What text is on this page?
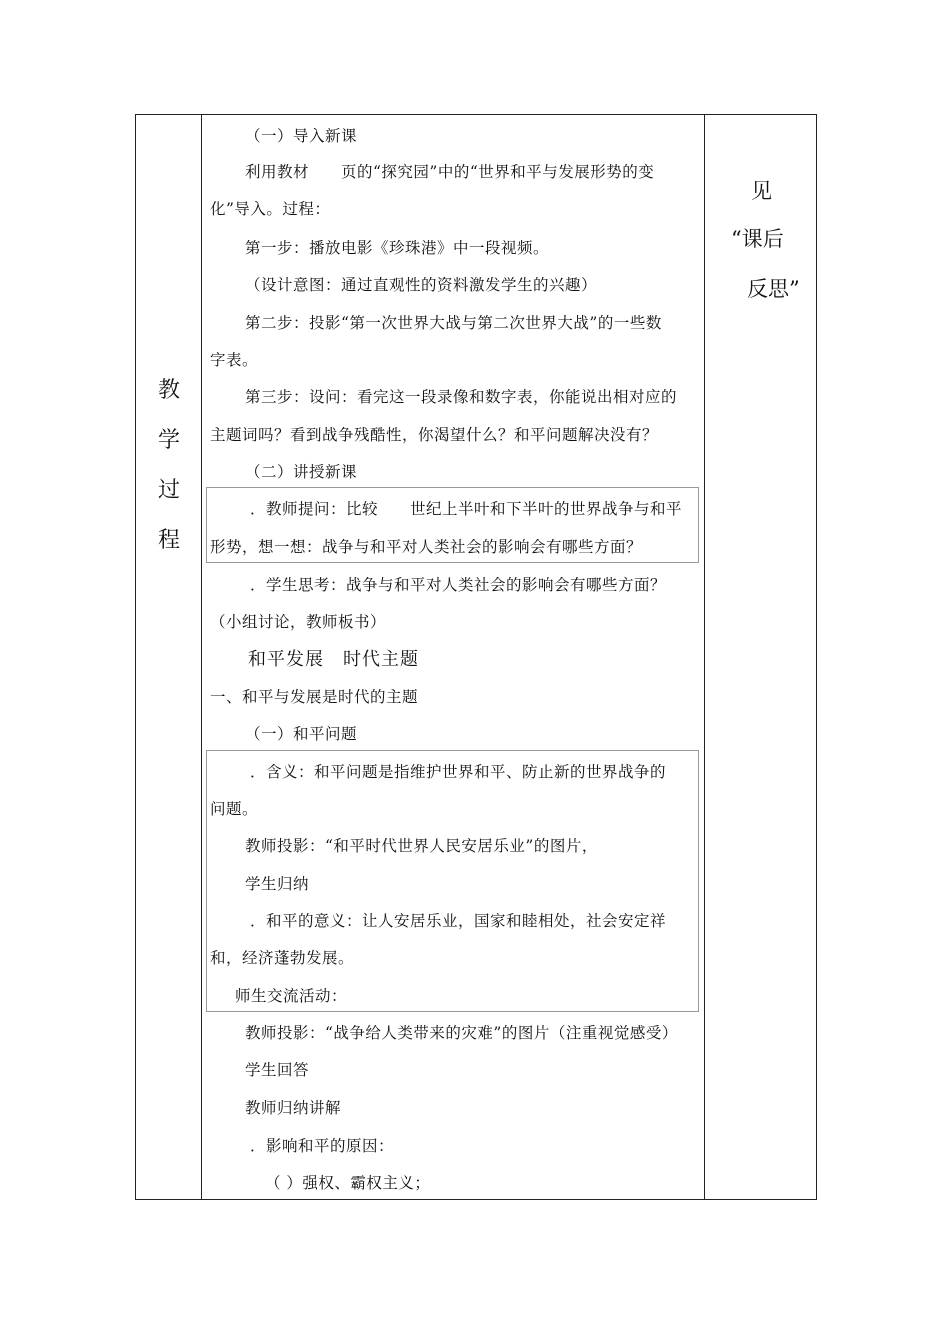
教
学
过
程
见
“课后
反思”
（一）导入新课
利用教材　　页的“探究园”中的“世界和平与发展形势的变
化”导入。过程：
第一步：播放电影《珍珠港》中一段视频。
（设计意图：通过直观性的资料激发学生的兴趣）
第二步：投影“第一次世界大战与第二次世界大战”的一些数
字表。
第三步：设问：看完这一段录像和数字表，你能说出相对应的
主题词吗？看到战争残酷性，你渴望什么？和平问题解决没有？
（二）讲授新课
．教师提问：比较　　世纪上半叶和下半叶的世界战争与和平
形势，想一想：战争与和平对人类社会的影响会有哪些方面？
．学生思考：战争与和平对人类社会的影响会有哪些方面？
（小组讨论，教师板书）
和平发展　时代主题
一、和平与发展是时代的主题
（一）和平问题
．含义：和平问题是指维护世界和平、防止新的世界战争的
问题。
教师投影：“和平时代世界人民安居乐业”的图片，
学生归纳
．和平的意义：让人安居乐业，国家和睦相处，社会安定祥
和，经济蓬勃发展。
师生交流活动：
教师投影：“战争给人类带来的灾难”的图片（注重视觉感受）
学生回答
教师归纳讲解
．影响和平的原因：
（ ）强权、霸权主义；
